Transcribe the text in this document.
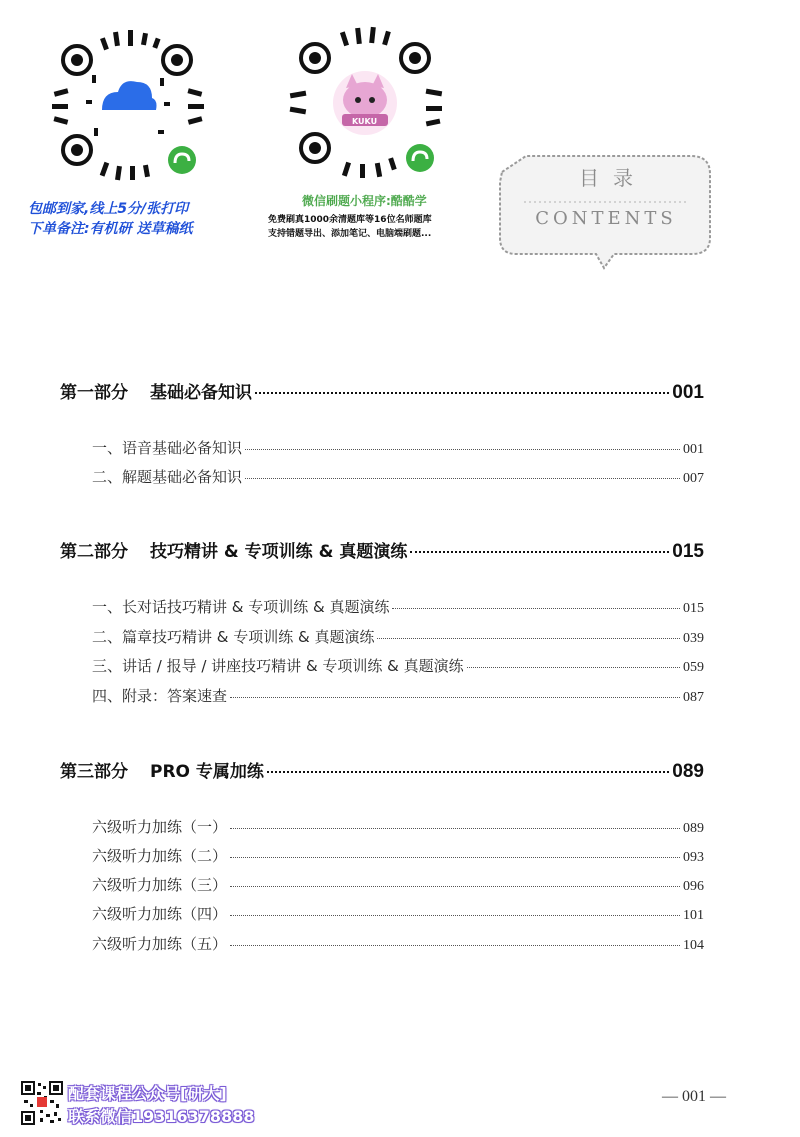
云上印
KUKU
包邮到家,线上5分/张打印
下单备注:有机研 送草稿纸
微信刷题小程序:酷酷学
免费刷真1000余清题库等16位名师题库
支持错题导出、添加笔记、电脑端刷题...
目录
CONTENTS
第一部分 基础必备知识	001
一、语音基础必备知识	001
二、解题基础必备知识	007
第二部分 技巧精讲 & 专项训练 & 真题演练	015
一、长对话技巧精讲 & 专项训练 & 真题演练	015
二、篇章技巧精讲 & 专项训练 & 真题演练	039
三、讲话 / 报导 / 讲座技巧精讲 & 专项训练 & 真题演练	059
四、附录：答案速查	087
第三部分 PRO 专属加练	089
六级听力加练（一）	089
六级听力加练（二）	093
六级听力加练（三）	096
六级听力加练（四）	101
六级听力加练（五）	104
配套课程公众号[研大]
联系微信19316378888
— 001 —
